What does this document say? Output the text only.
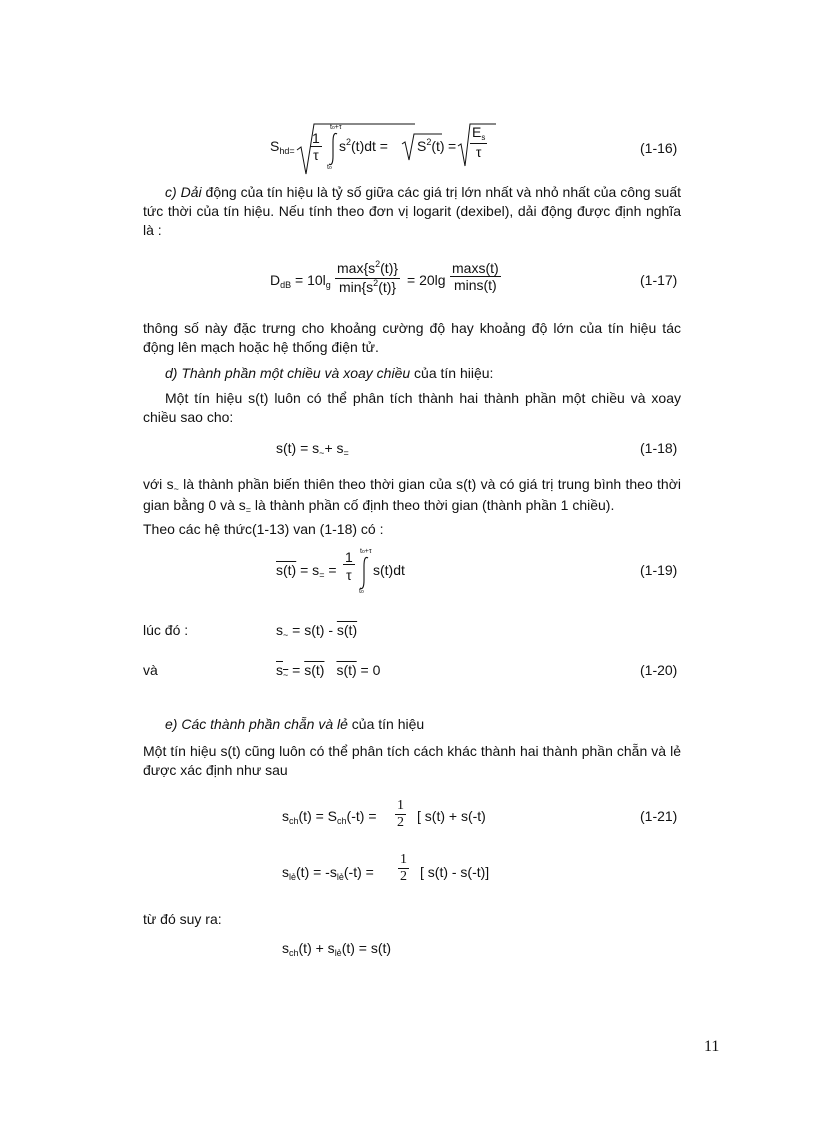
$S_{hd=} \frac{1}{\tau}$
to+τ
to
$s^2(t)dt = S^2(t) = \frac{E_s}{\tau}$	(1-16)
c) Dải động của tín hiệu là tỷ số giữa các giá trị lớn nhất và nhỏ nhất của công suất tức thời của tín hiệu. Nếu tính theo đơn vị logarit (dexibel), dải động được định nghĩa là :
$D_{dB} = 10l_g$
$\max\{s^2(t)\}$
$\min\{s^2(t)\} = 20\lg$
maxs(t)
mins(t)	(1-17)
thông số này đặc trưng cho khoảng cường độ hay khoảng độ lớn của tín hiệu tác động lên mạch hoặc hệ thống điện tử.
d) Thành phần một chiều và xoay chiều của tín hiiệu:
Một tín hiệu s(t) luôn có thể phân tích thành hai thành phần một chiều và xoay chiều sao cho:
$s(t) = s_\sim+ s_=$	(1-18)
với $s_\sim$ là thành phần biến thiên theo thời gian của s(t) và có giá trị trung bình theo thời gian bằng 0 và $s_=$ là thành phần cố định theo thời gian (thành phần 1 chiều).
Theo các hệ thức(1-13) van (1-18) có :
$s(t) = s_= = \frac{1}{\tau} to+\tau$
to
s(t)dt	(1-19)
lúc đó :	$s_\sim = s(t) - s(t)$
và	$s_\sim = s(t) s(t) = 0$	(1-20)
e) Các thành phần chẵn và lẻ của tín hiệu
Một tín hiệu s(t) cũng luôn có thể phân tích cách khác thành hai thành phần chẵn và lẻ được xác định như sau
$s_{ch}(t) = S_{ch}(-t) = \frac{1}{2}$ [ s(t) + s(-t)	(1-21)
$s_{lẻ}(t) = -s_{lẻ}(-t) = \frac{1}{2}$ [ s(t) - s(-t)]
từ đó suy ra:
$s_{ch}(t) + s_{lẻ}(t) = s(t)$
11
